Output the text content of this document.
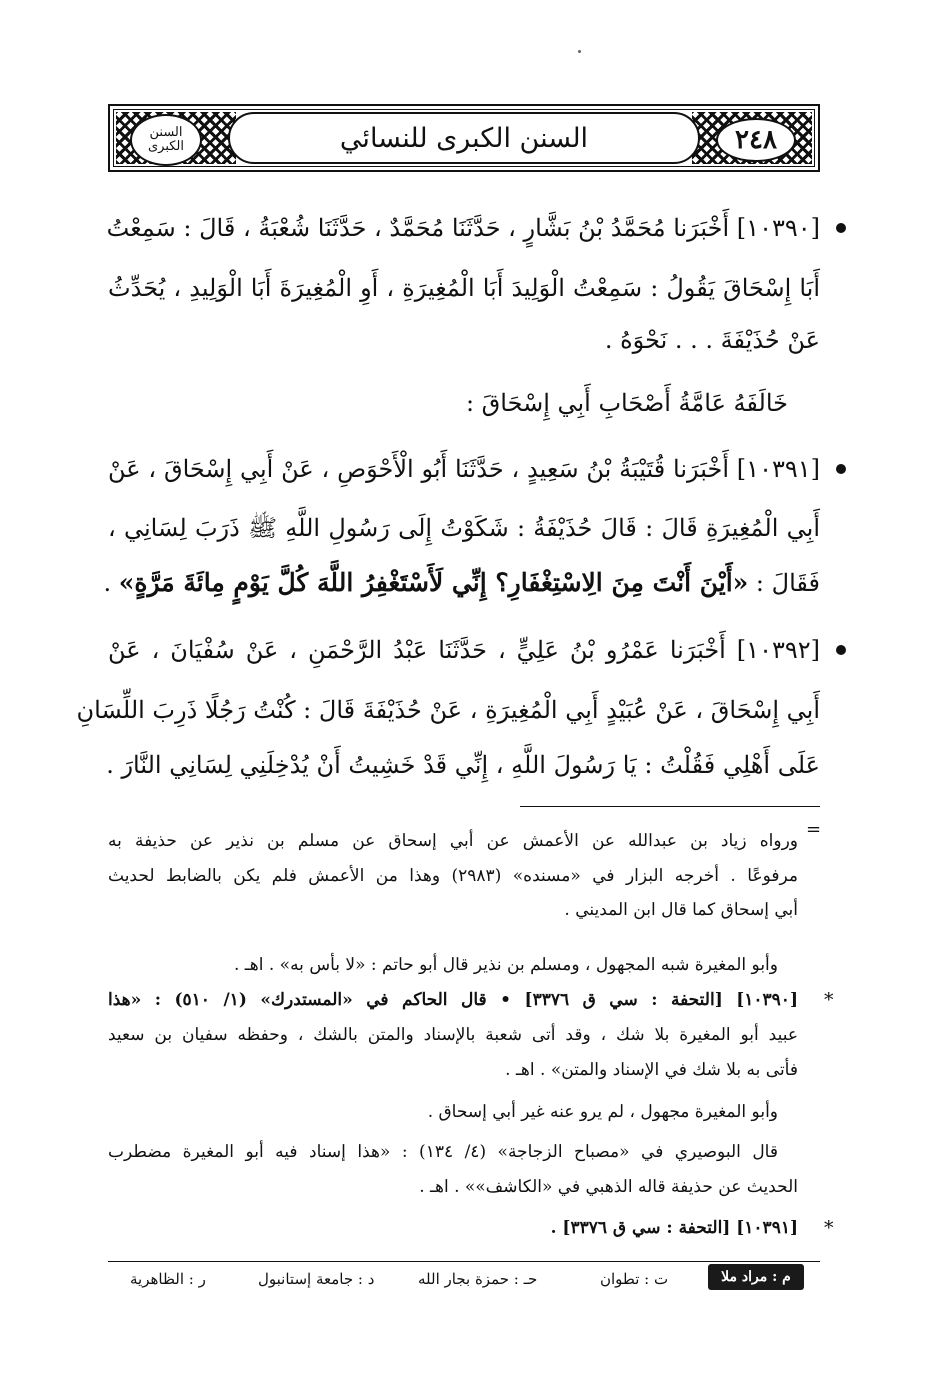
السنن الكبرى للنسائي	٢٤٨
السنن الكبرى
[١٠٣٩٠] أَخْبَرَنا مُحَمَّدُ بْنُ بَشَّارٍ ، حَدَّثَنَا مُحَمَّدٌ ، حَدَّثَنَا شُعْبَةُ ، قَالَ : سَمِعْتُ
أَبَا إِسْحَاقَ يَقُولُ : سَمِعْتُ الْوَلِيدَ أَبَا الْمُغِيرَةِ ، أَوِ الْمُغِيرَةَ أَبَا الْوَلِيدِ ، يُحَدِّثُ
عَنْ حُذَيْفَةَ . . . نَحْوَهُ .
خَالَفَهُ عَامَّةُ أَصْحَابِ أَبِي إِسْحَاقَ :
[١٠٣٩١] أَخْبَرَنا قُتَيْبَةُ بْنُ سَعِيدٍ ، حَدَّثَنَا أَبُو الْأَحْوَصِ ، عَنْ أَبِي إِسْحَاقَ ، عَنْ
أَبِي الْمُغِيرَةِ قَالَ : قَالَ حُذَيْفَةُ : شَكَوْتُ إِلَى رَسُولِ اللَّهِ ﷺ ذَرَبَ لِسَانِي ،
فَقَالَ : «أَيْنَ أَنْتَ مِنَ الِاسْتِغْفَارِ؟ إِنِّي لَأَسْتَغْفِرُ اللَّهَ كُلَّ يَوْمٍ مِائَةَ مَرَّةٍ» .
[١٠٣٩٢] أَخْبَرَنا عَمْرُو بْنُ عَلِيٍّ ، حَدَّثَنَا عَبْدُ الرَّحْمَنِ ، عَنْ سُفْيَانَ ، عَنْ
أَبِي إِسْحَاقَ ، عَنْ عُبَيْدٍ أَبِي الْمُغِيرَةِ ، عَنْ حُذَيْفَةَ قَالَ : كُنْتُ رَجُلًا ذَرِبَ اللِّسَانِ
عَلَى أَهْلِي فَقُلْتُ : يَا رَسُولَ اللَّهِ ، إِنِّي قَدْ خَشِيتُ أَنْ يُدْخِلَنِي لِسَانِي النَّارَ .
=
ورواه زياد بن عبدالله عن الأعمش عن أبي إسحاق عن مسلم بن نذير عن حذيفة به
مرفوعًا . أخرجه البزار في «مسنده» (٢٩٨٣) وهذا من الأعمش فلم يكن بالضابط لحديث
أبي إسحاق كما قال ابن المديني .
وأبو المغيرة شبه المجهول ، ومسلم بن نذير قال أبو حاتم : «لا بأس به» . اهـ .
*
[١٠٣٩٠] [التحفة : سي ق ٣٣٧٦] • قال الحاكم في «المستدرك» (١/ ٥١٠) : «هذا
عبيد أبو المغيرة بلا شك ، وقد أتى شعبة بالإسناد والمتن بالشك ، وحفظه سفيان بن سعيد
فأتى به بلا شك في الإسناد والمتن» . اهـ .
وأبو المغيرة مجهول ، لم يرو عنه غير أبي إسحاق .
قال البوصيري في «مصباح الزجاجة» (٤/ ١٣٤) : «هذا إسناد فيه أبو المغيرة مضطرب
الحديث عن حذيفة قاله الذهبي في «الكاشف»» . اهـ .
*
[١٠٣٩١] [التحفة : سي ق ٣٣٧٦] .
م : مراد ملا
ت : تطوان
حـ : حمزة بجار الله
د : جامعة إستانبول
ر : الظاهرية
